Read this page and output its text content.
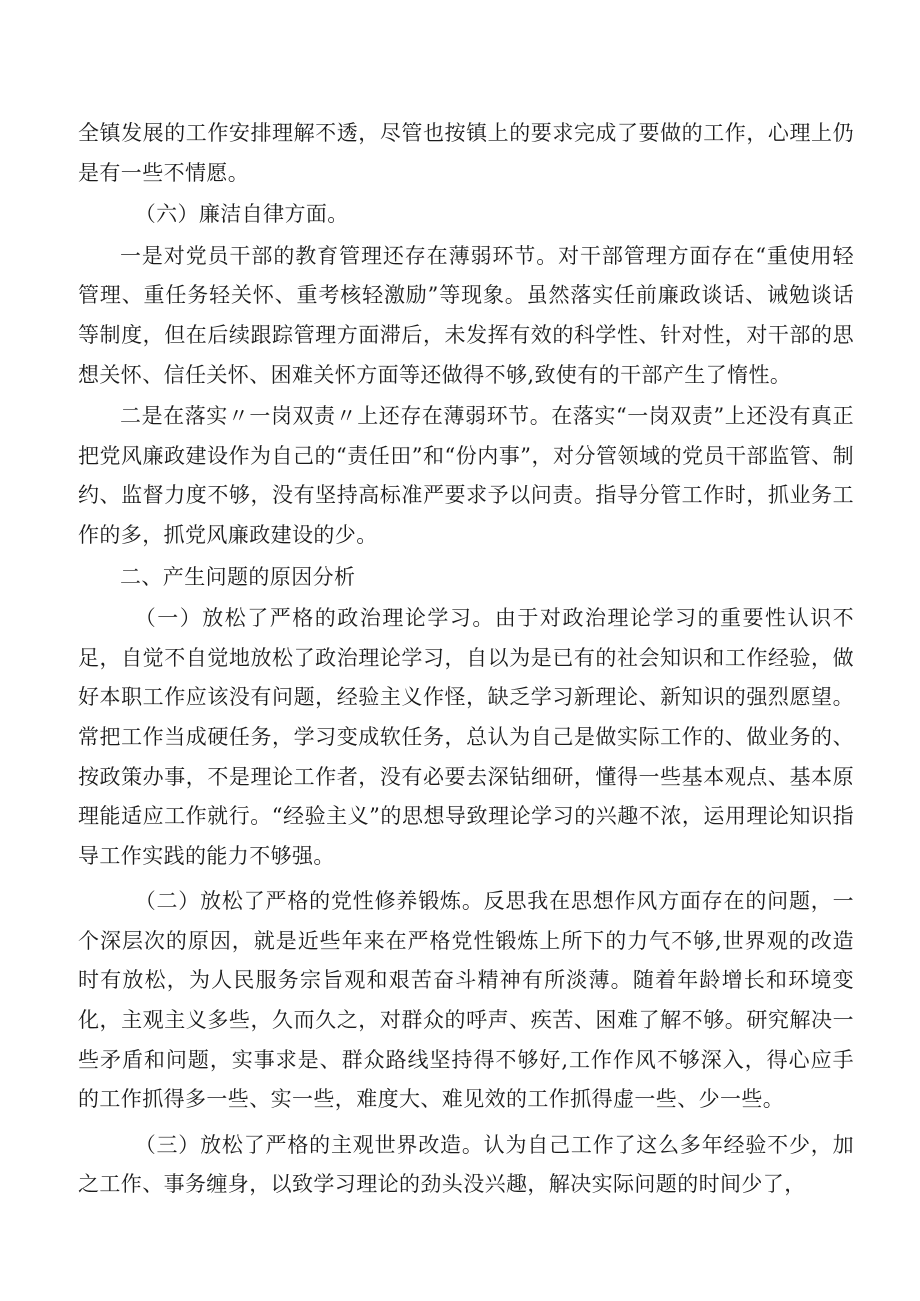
全镇发展的工作安排理解不透，尽管也按镇上的要求完成了要做的工作，心理上仍是有一些不情愿。

（六）廉洁自律方面。

一是对党员干部的教育管理还存在薄弱环节。对干部管理方面存在“重使用轻管理、重任务轻关怀、重考核轻激励”等现象。虽然落实任前廉政谈话、诫勉谈话等制度，但在后续跟踪管理方面滞后，未发挥有效的科学性、针对性，对干部的思想关怀、信任关怀、困难关怀方面等还做得不够,致使有的干部产生了惰性。

二是在落实〃一岗双责〃上还存在薄弱环节。在落实“一岗双责”上还没有真正把党风廉政建设作为自己的“责任田”和“份内事”，对分管领域的党员干部监管、制约、监督力度不够，没有坚持高标准严要求予以问责。指导分管工作时，抓业务工作的多，抓党风廉政建设的少。

二、产生问题的原因分析

（一）放松了严格的政治理论学习。由于对政治理论学习的重要性认识不足，自觉不自觉地放松了政治理论学习，自以为是已有的社会知识和工作经验，做好本职工作应该没有问题，经验主义作怪，缺乏学习新理论、新知识的强烈愿望。常把工作当成硬任务，学习变成软任务，总认为自己是做实际工作的、做业务的、按政策办事，不是理论工作者，没有必要去深钻细研，懂得一些基本观点、基本原理能适应工作就行。“经验主义”的思想导致理论学习的兴趣不浓，运用理论知识指导工作实践的能力不够强。

（二）放松了严格的党性修养锻炼。反思我在思想作风方面存在的问题，一个深层次的原因，就是近些年来在严格党性锻炼上所下的力气不够,世界观的改造时有放松，为人民服务宗旨观和艰苦奋斗精神有所淡薄。随着年龄增长和环境变化，主观主义多些，久而久之，对群众的呼声、疾苦、困难了解不够。研究解决一些矛盾和问题，实事求是、群众路线坚持得不够好,工作作风不够深入，得心应手的工作抓得多一些、实一些，难度大、难见效的工作抓得虚一些、少一些。

（三）放松了严格的主观世界改造。认为自己工作了这么多年经验不少，加之工作、事务缠身，以致学习理论的劲头没兴趣，解决实际问题的时间少了，
